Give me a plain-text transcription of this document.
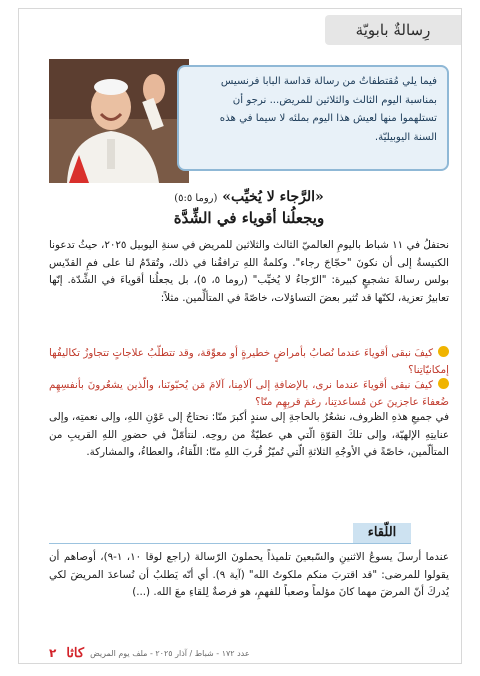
رِسالةٌ بابويّة
فيما يلي مُقتطفاتٌ من رسالة قداسة البابا فرنسيس بمناسبة اليوم الثالث والثلاثين للمريض... نرجو أن تستلهموا منها لعيش هذا اليوم بملئه لا سيما في هذه السنة اليوبيليّة.
«الرَّجاء لا يُخيِّب» (روما ٥:٥)
ويجعلُنا أقوياء في الشِّدَّة
نحتفلُ في ١١ شباط باليومِ العالميّ الثالث والثلاثين للمريض في سنةِ اليوبيل ٢٠٢٥، حيثُ تدعونا الكنيسةُ إلى أن نكونَ "حجّاجَ رجاء". وكلمةُ اللهِ ترافقُنا في ذلك، وتُقدّمُ لنا على فمِ القدّيس بولس رسالةَ تشجيعٍ كبيرة: "الرّجاءُ لا يُخيِّب" (روما ٥، ٥)، بل يجعلُنا أقوياءَ في الشِّدّة. إنّها تعابيرُ تعزية، لكنّها قد تُثير بعضَ التساؤلات، خاصّةً في المتألِّمين. مثلاً:
كيفَ نبقى أقوياءَ عندما نُصابُ بأمراضٍ خطيرةٍ أو معوِّقة، وقد تتطلّبُ علاجاتٍ تتجاوزُ تكاليفُها إمكانيّاتِنا؟
كيفَ نبقى أقوياءَ عندما نرى، بالإضافةِ إلى آلامِنا، آلامَ مَن يُحبّونَنا، والّذين يشعُرونَ بأنفسِهِم ضُعفاءَ عاجزينَ عن مُساعدتِنا، رغمَ قربِهِم منّا؟
في جميعِ هذهِ الظروف، نشعُرُ بالحاجةِ إلى سندٍ أكبرَ منّا: نحتاجُ إلى عَوْنِ اللهِ، وإلى نعمتِه، وإلى عنايتِهِ الإلهيّة، وإلى تلكَ القوّةِ الّتي هي عطيّةٌ من روحِه. لنتأمّلْ في حضورِ اللهِ القريبِ من المتألّمين، خاصّةً في الأوجُهِ الثلاثةِ الّتي تُميّزُ قُربَ اللهِ منّا: اللّقاءُ، والعطاءُ، والمشاركة.
اللّقاء
عندما أرسلَ يسوعُ الاثنينِ والسّبعينَ تلميذاً يحملونَ الرّسالة (راجع لوقا ١٠، ١-٩)، أوصاهم أن يقولوا للمرضى: "قد اقتربَ منكم ملكوتُ الله" (آية ٩). أي أنّه يَطلبُ أن نُساعدَ المريضَ لكي يُدركَ أنّ المرضَ مهما كانَ مؤلماً وصعباً للفهمِ، هو فرصةٌ لِلقاءِ معَ الله. (...)
٢ كاثا عدد ١٧٢ - شباط / آذار ٢٠٢٥ - ملف يوم المريض
